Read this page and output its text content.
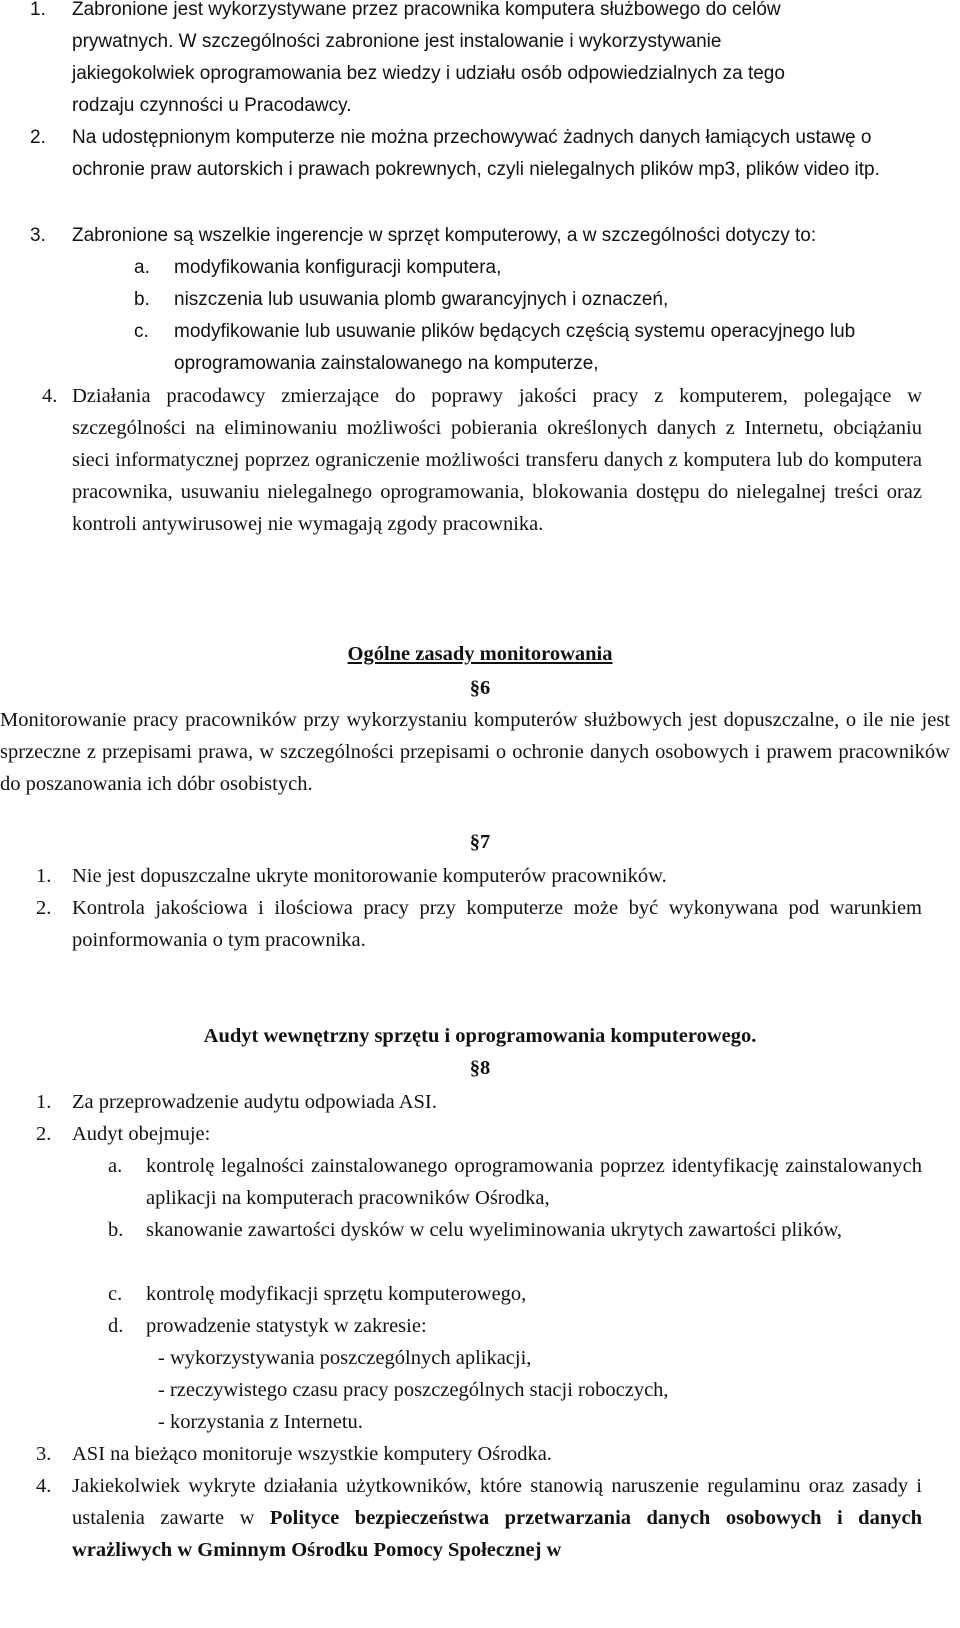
1.	Zabronione jest wykorzystywane przez pracownika komputera służbowego do celów prywatnych. W szczególności zabronione jest instalowanie i wykorzystywanie jakiegokolwiek oprogramowania bez wiedzy i udziału osób odpowiedzialnych za tego rodzaju czynności u Pracodawcy.
2.	Na udostępnionym komputerze nie można przechowywać żadnych danych łamiących ustawę o ochronie praw autorskich i prawach pokrewnych, czyli nielegalnych plików mp3, plików video itp.
3.	Zabronione są wszelkie ingerencje w sprzęt komputerowy, a w szczególności dotyczy to:
a.	modyfikowania konfiguracji komputera,
b.	niszczenia lub usuwania plomb gwarancyjnych i oznaczeń,
c.	modyfikowanie lub usuwanie plików będących częścią systemu operacyjnego lub oprogramowania zainstalowanego na komputerze,
4. Działania pracodawcy zmierzające do poprawy jakości pracy z komputerem, polegające w szczególności na eliminowaniu możliwości pobierania określonych danych z Internetu, obciążaniu sieci informatycznej poprzez ograniczenie możliwości transferu danych z komputera lub do komputera pracownika, usuwaniu nielegalnego oprogramowania, blokowania dostępu do nielegalnej treści oraz kontroli antywirusowej nie wymagają zgody pracownika.
Ogólne zasady monitorowania
§6
Monitorowanie pracy pracowników przy wykorzystaniu komputerów służbowych jest dopuszczalne, o ile nie jest sprzeczne z przepisami prawa, w szczególności przepisami o ochronie danych osobowych i prawem pracowników do poszanowania ich dóbr osobistych.
§7
1.	Nie jest dopuszczalne ukryte monitorowanie komputerów pracowników.
2.	Kontrola jakościowa i ilościowa pracy przy komputerze może być wykonywana pod warunkiem poinformowania o tym pracownika.
Audyt wewnętrzny sprzętu i oprogramowania komputerowego.
§8
1.	Za przeprowadzenie audytu odpowiada ASI.
2.	Audyt obejmuje:
a.	kontrolę legalności zainstalowanego oprogramowania poprzez identyfikację zainstalowanych aplikacji na komputerach pracowników Ośrodka,
b.	skanowanie zawartości dysków w celu wyeliminowania ukrytych zawartości plików,
c.	kontrolę modyfikacji sprzętu komputerowego,
d.	prowadzenie statystyk w zakresie:
- wykorzystywania poszczególnych aplikacji,
- rzeczywistego czasu pracy poszczególnych stacji roboczych,
- korzystania z Internetu.
3.	ASI na bieżąco monitoruje wszystkie komputery Ośrodka.
4.	Jakiekolwiek wykryte działania użytkowników, które stanowią naruszenie regulaminu oraz zasady i ustalenia zawarte w Polityce bezpieczeństwa przetwarzania danych osobowych i danych wrażliwych w Gminnym Ośrodku Pomocy Społecznej w
